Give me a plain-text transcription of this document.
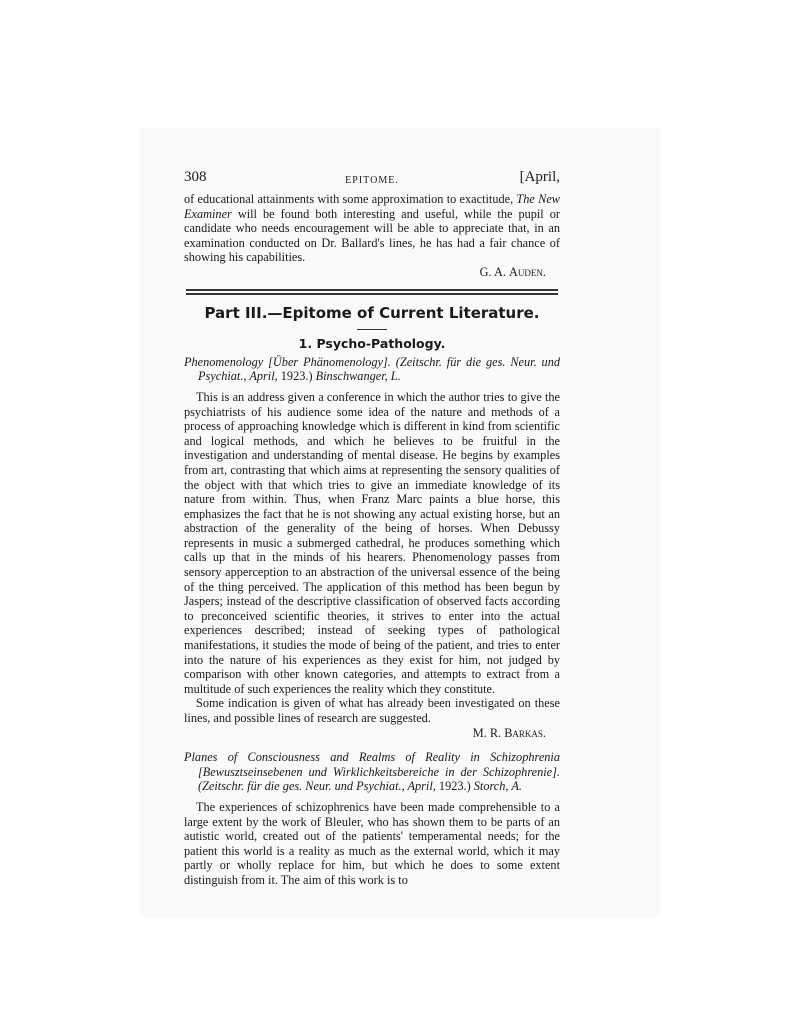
308	EPITOME.	[April,

of educational attainments with some approximation to exactitude, The New Examiner will be found both interesting and useful, while the pupil or candidate who needs encouragement will be able to appreciate that, in an examination conducted on Dr. Ballard's lines, he has had a fair chance of showing his capabilities.

G. A. Auden.

Part III.—Epitome of Current Literature.
1. Psycho-Pathology.

Phenomenology [Über Phänomenology]. (Zeitschr. für die ges. Neur. und Psychiat., April, 1923.) Binschwanger, L.

This is an address given a conference in which the author tries to give the psychiatrists of his audience some idea of the nature and methods of a process of approaching knowledge which is different in kind from scientific and logical methods, and which he believes to be fruitful in the investigation and understanding of mental disease. He begins by examples from art, contrasting that which aims at representing the sensory qualities of the object with that which tries to give an immediate knowledge of its nature from within. Thus, when Franz Marc paints a blue horse, this emphasizes the fact that he is not showing any actual existing horse, but an abstraction of the generality of the being of horses. When Debussy represents in music a submerged cathedral, he produces something which calls up that in the minds of his hearers. Phenomenology passes from sensory apperception to an abstraction of the universal essence of the being of the thing perceived. The application of this method has been begun by Jaspers; instead of the descriptive classification of observed facts according to preconceived scientific theories, it strives to enter into the actual experiences described; instead of seeking types of pathological manifestations, it studies the mode of being of the patient, and tries to enter into the nature of his experiences as they exist for him, not judged by comparison with other known categories, and attempts to extract from a multitude of such experiences the reality which they constitute.

Some indication is given of what has already been investigated on these lines, and possible lines of research are suggested.

M. R. Barkas.

Planes of Consciousness and Realms of Reality in Schizophrenia [Bewusztseinsebenen und Wirklichkeitsbereiche in der Schizophrenie]. (Zeitschr. für die ges. Neur. und Psychiat., April, 1923.) Storch, A.

The experiences of schizophrenics have been made comprehensible to a large extent by the work of Bleuler, who has shown them to be parts of an autistic world, created out of the patients' temperamental needs; for the patient this world is a reality as much as the external world, which it may partly or wholly replace for him, but which he does to some extent distinguish from it. The aim of this work is to
